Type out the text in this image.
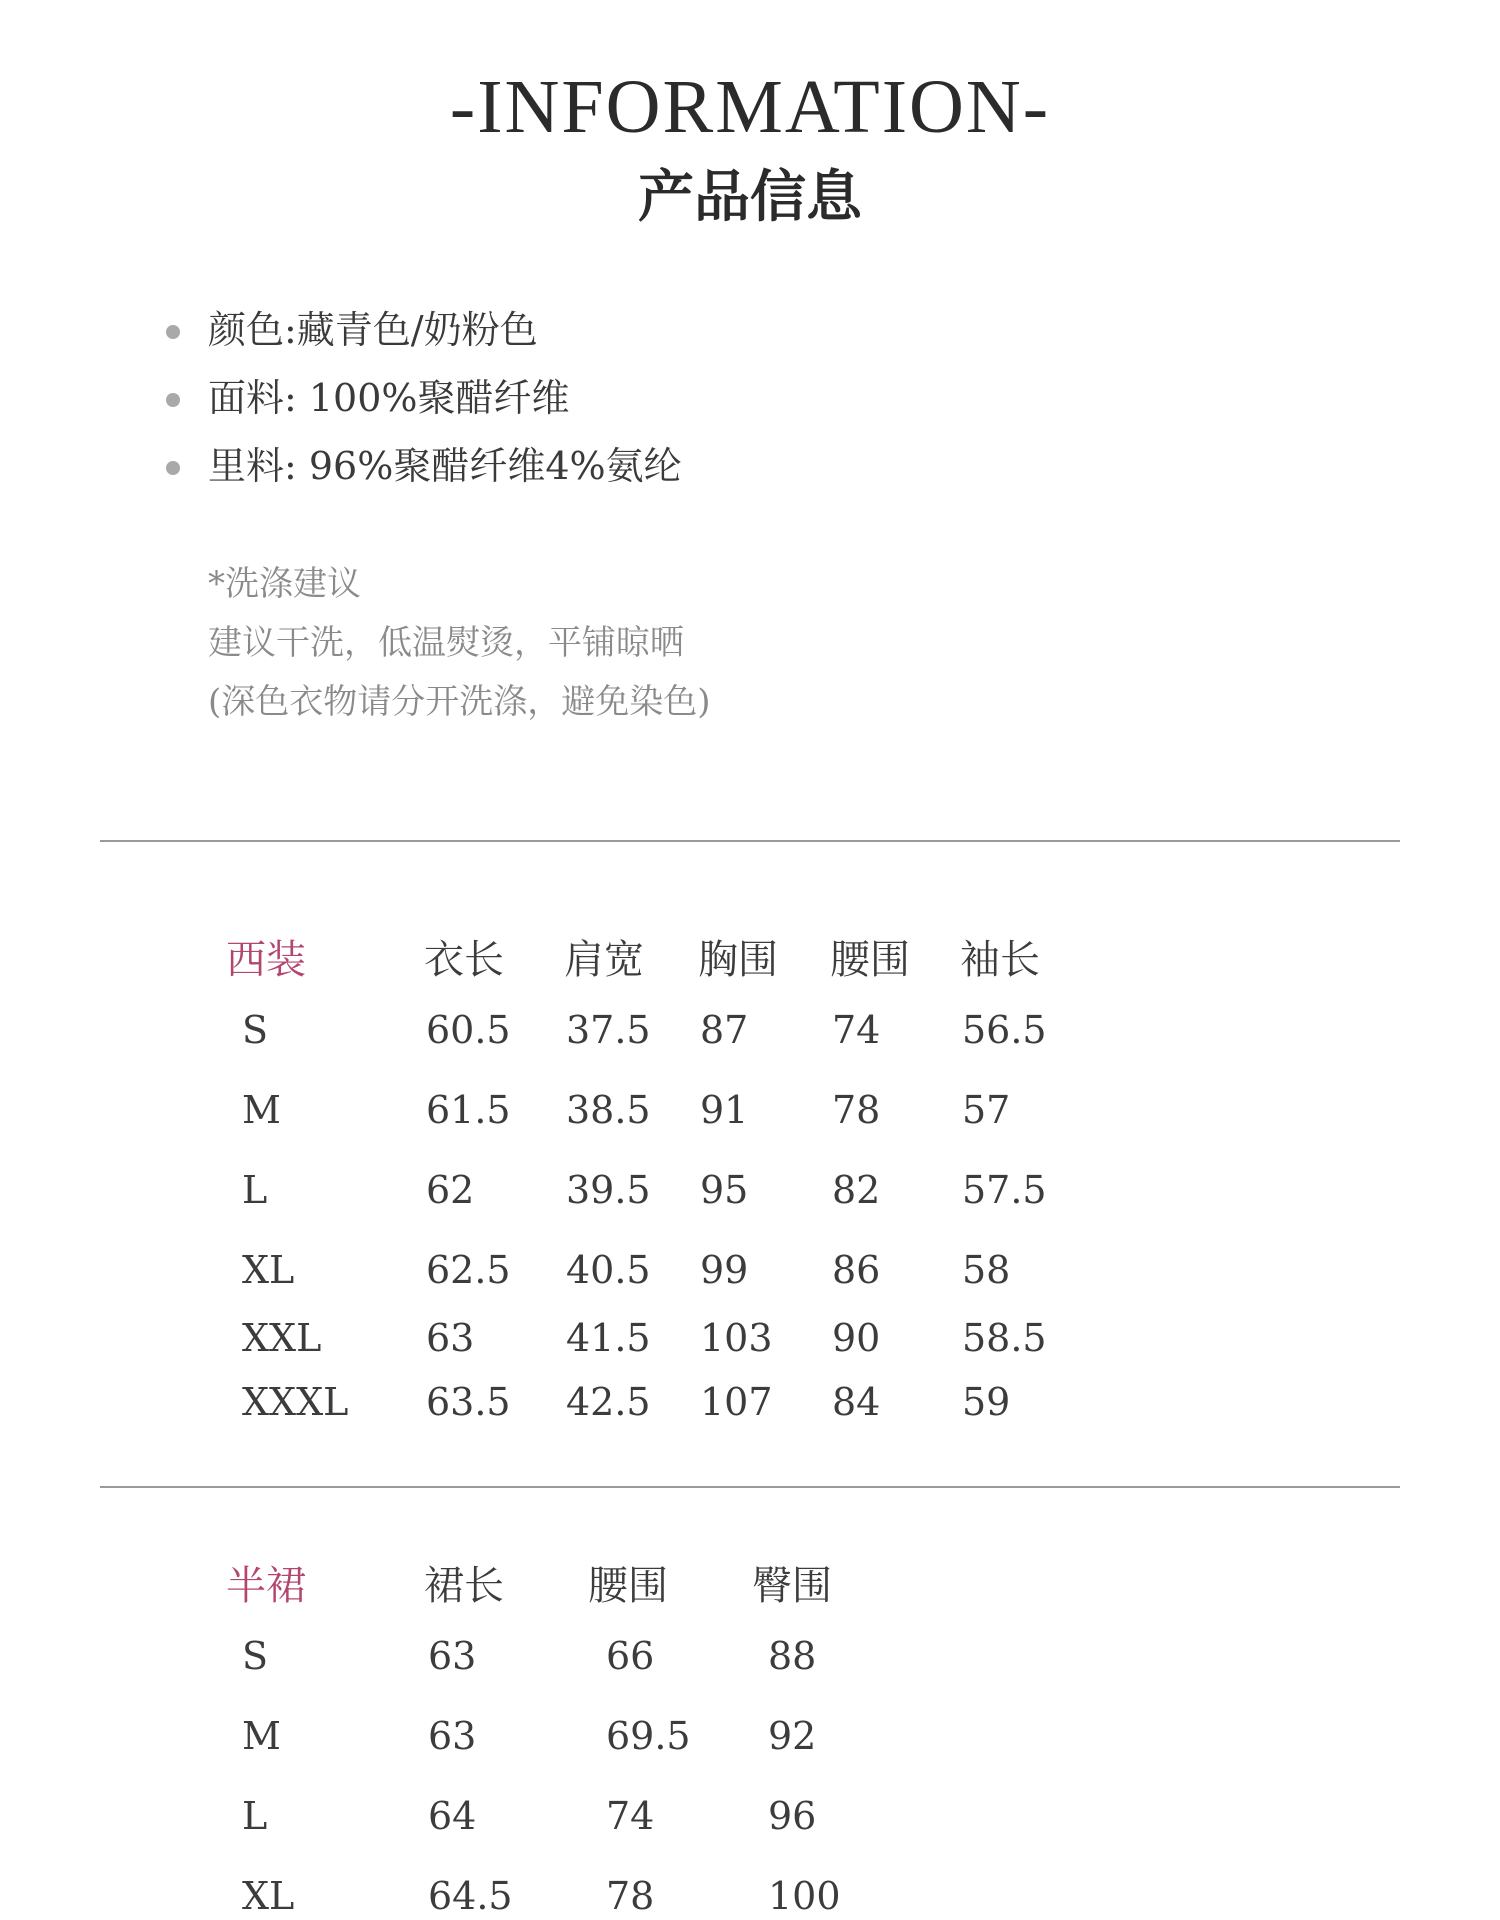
-INFORMATION-
产品信息
颜色:藏青色/奶粉色
面料: 100%聚醋纤维
里料: 96%聚醋纤维4%氨纶
*洗涤建议
建议干洗，低温熨烫，平铺晾晒
(深色衣物请分开洗涤，避免染色)
西装	衣长 肩宽 胸围 腰围 袖长
S	60.5 37.5 87 74 56.5
M	61.5 38.5 91 78 57
L	62 39.5 95 82 57.5
XL	62.5 40.5 99 86 58
XXL	63 41.5 103 90 58.5
XXXL 63.5 42.5 107 84 59
半裙	裙长 腰围 臀围
S	63	66	88
M	63	69.5 92
L	64	74	96
XL	64.5 78	100
